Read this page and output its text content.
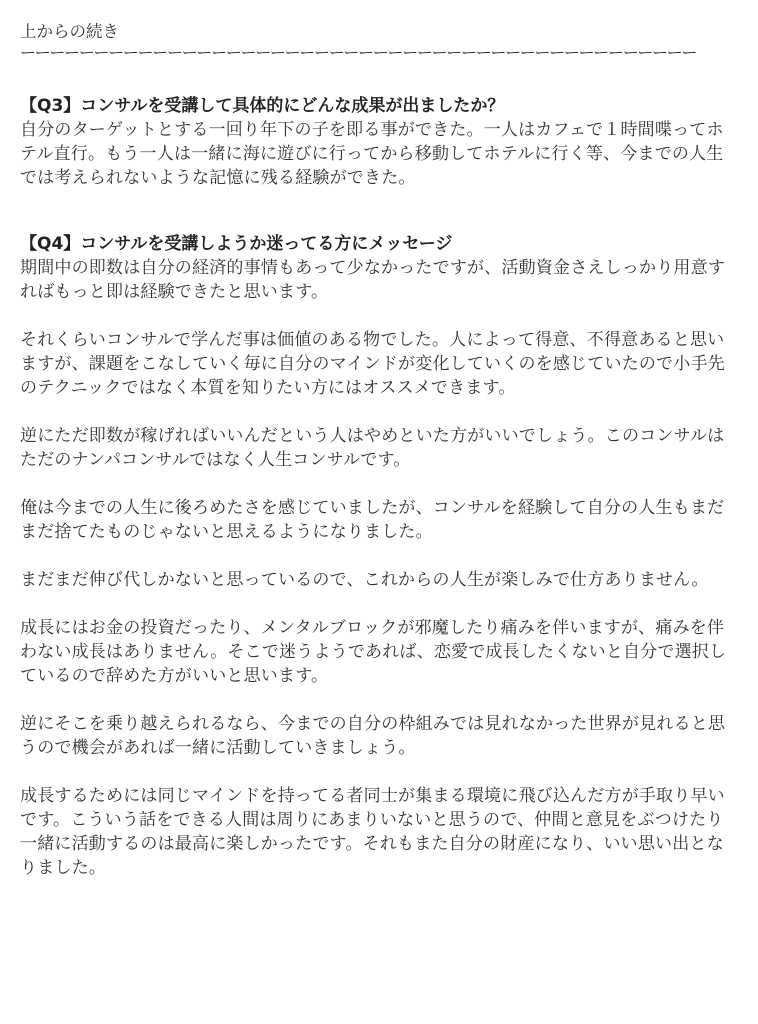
上からの続き
ーーーーーーーーーーーーーーーーーーーーーーーーーーーーーーーーーーーーーーーーーーーーーー
【Q3】コンサルを受講して具体的にどんな成果が出ましたか？

自分のターゲットとする一回り年下の子を即る事ができた。一人はカフェで１時間喋ってホテル直行。もう一人は一緒に海に遊びに行ってから移動してホテルに行く等、今までの人生では考えられないような記憶に残る経験ができた。

【Q4】コンサルを受講しようか迷ってる方にメッセージ

期間中の即数は自分の経済的事情もあって少なかったですが、活動資金さえしっかり用意すればもっと即は経験できたと思います。

それくらいコンサルで学んだ事は価値のある物でした。人によって得意、不得意あると思いますが、課題をこなしていく毎に自分のマインドが変化していくのを感じていたので小手先のテクニックではなく本質を知りたい方にはオススメできます。

逆にただ即数が稼げればいいんだという人はやめといた方がいいでしょう。このコンサルはただのナンパコンサルではなく人生コンサルです。

俺は今までの人生に後ろめたさを感じていましたが、コンサルを経験して自分の人生もまだまだ捨てたものじゃないと思えるようになりました。

まだまだ伸び代しかないと思っているので、これからの人生が楽しみで仕方ありません。

成長にはお金の投資だったり、メンタルブロックが邪魔したり痛みを伴いますが、痛みを伴わない成長はありません。そこで迷うようであれば、恋愛で成長したくないと自分で選択しているので辞めた方がいいと思います。

逆にそこを乗り越えられるなら、今までの自分の枠組みでは見れなかった世界が見れると思うので機会があれば一緒に活動していきましょう。

成長するためには同じマインドを持ってる者同士が集まる環境に飛び込んだ方が手取り早いです。こういう話をできる人間は周りにあまりいないと思うので、仲間と意見をぶつけたり一緒に活動するのは最高に楽しかったです。それもまた自分の財産になり、いい思い出となりました。
